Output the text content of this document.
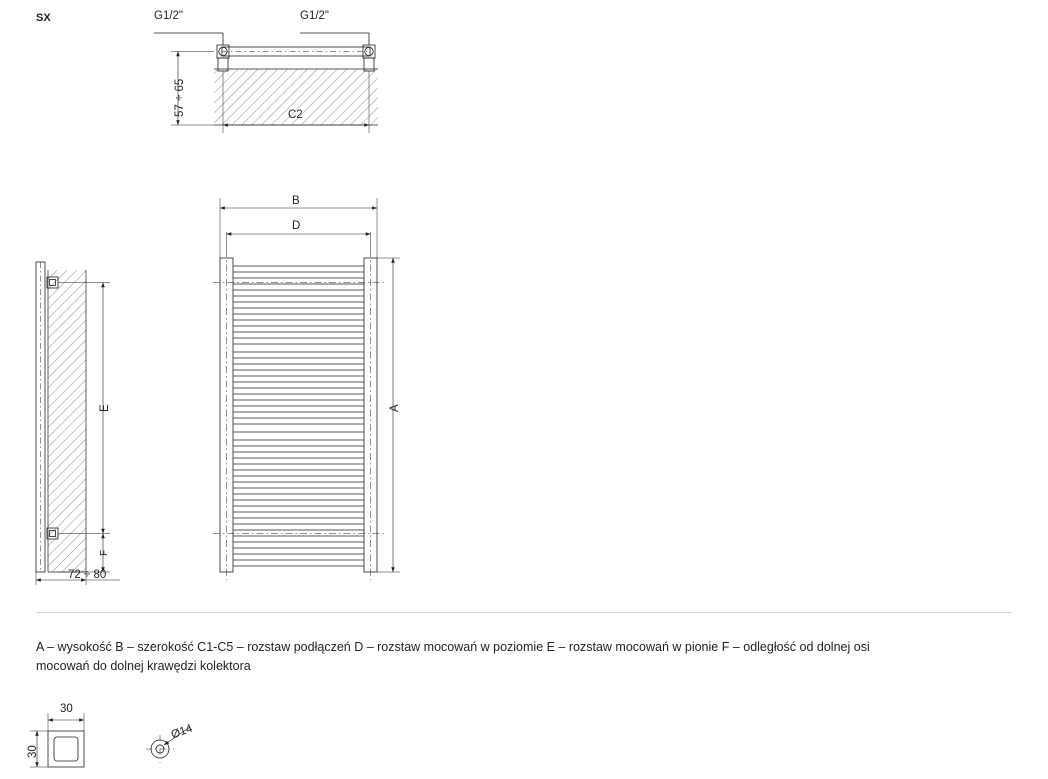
SX	G1/2"	G1/2"
57 ÷ 65	C2
B
D
A
E
F
72 ÷ 80
30
30
Ø14
A – wysokość B – szerokość C1-C5 – rozstaw podłączeń D – rozstaw mocowań w poziomie E – rozstaw mocowań w pionie F – odległość od dolnej osi
mocowań do dolnej krawędzi kolektora
